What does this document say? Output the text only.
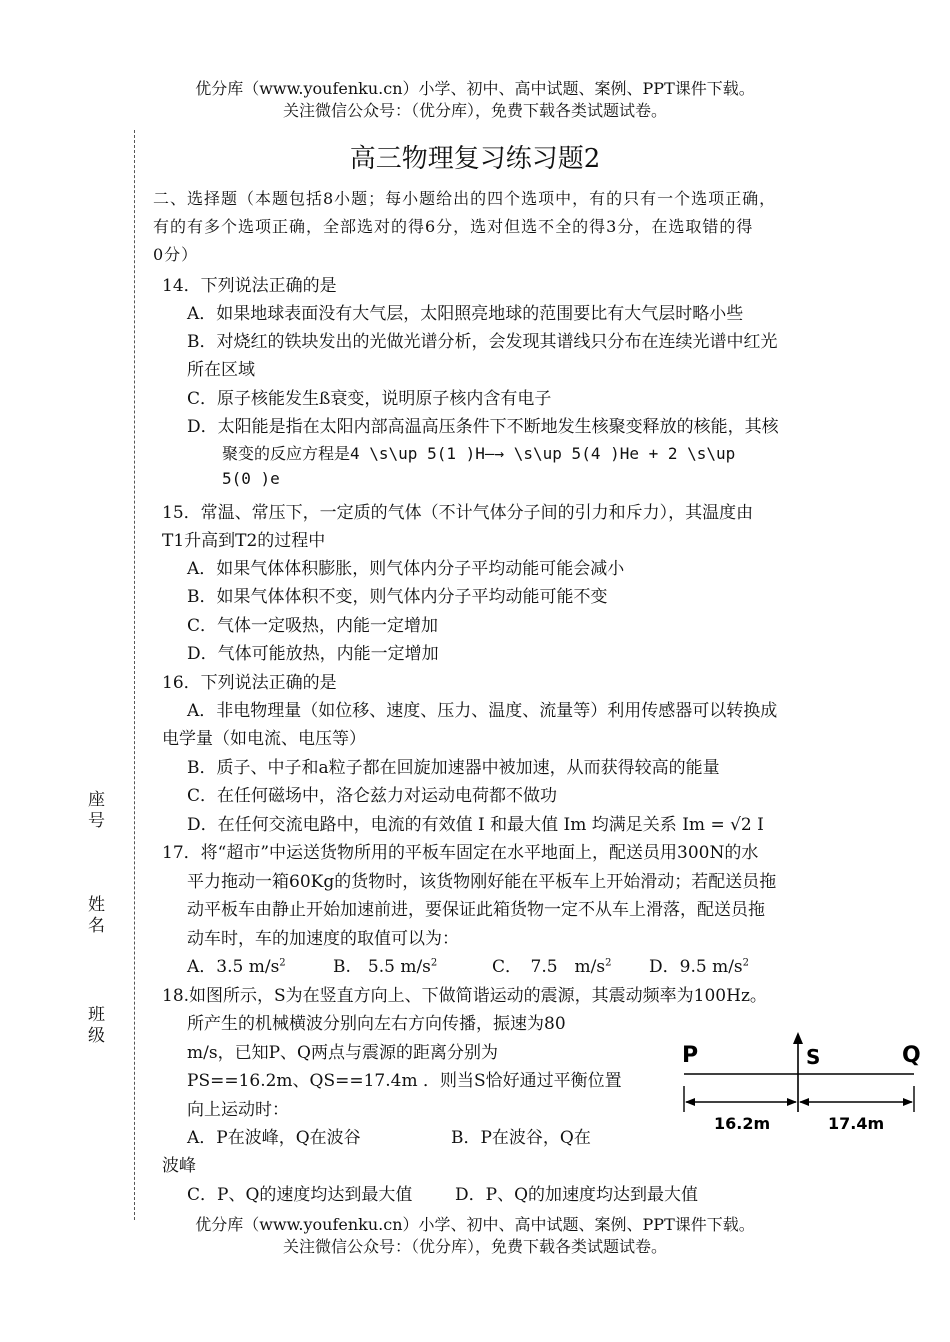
优分库（www.youfenku.cn）小学、初中、高中试题、案例、PPT课件下载。
关注微信公众号：（优分库），免费下载各类试题试卷。
座号
姓名
班级
高三物理复习练习题2
二、选择题（本题包括8小题；每小题给出的四个选项中，有的只有一个选项正确，
有的有多个选项正确，全部选对的得6分，选对但选不全的得3分，在选取错的得
0分）
14．下列说法正确的是
A．如果地球表面没有大气层，太阳照亮地球的范围要比有大气层时略小些
B．对烧红的铁块发出的光做光谱分析，会发现其谱线只分布在连续光谱中红光
所在区域
C．原子核能发生ß衰变，说明原子核内含有电子
D．太阳能是指在太阳内部高温高压条件下不断地发生核聚变释放的核能，其核
聚变的反应方程是4 \s\up 5(1 )H—→ \s\up 5(4 )He + 2 \s\up
5(0 )e
15．常温、常压下，一定质的气体（不计气体分子间的引力和斥力），其温度由
T1升高到T2的过程中
A．如果气体体积膨胀，则气体内分子平均动能可能会减小
B．如果气体体积不变，则气体内分子平均动能可能不变
C．气体一定吸热，内能一定增加
D．气体可能放热，内能一定增加
16．下列说法正确的是
A．非电物理量（如位移、速度、压力、温度、流量等）利用传感器可以转换成
电学量（如电流、电压等）
B．质子、中子和a粒子都在回旋加速器中被加速，从而获得较高的能量
C．在任何磁场中，洛仑兹力对运动电荷都不做功
D．在任何交流电路中，电流的有效值 I 和最大值 Im 均满足关系 Im = √2 I
17．将“超市”中运送货物所用的平板车固定在水平地面上，配送员用300N的水
平力拖动一箱60Kg的货物时，该货物刚好能在平板车上开始滑动；若配送员拖
动平板车由静止开始加速前进，要保证此箱货物一定不从车上滑落，配送员拖
动车时，车的加速度的取值可以为：
A．3.5 $m/s^2$	B.　5.5 $m/s^2$	C．　7.5　$m/s^2$ D．9.5 $m/s^2$
18.如图所示，S为在竖直方向上、下做简谐运动的震源，其震动频率为100Hz。
所产生的机械横波分别向左右方向传播，振速为80
m/s，已知P、Q两点与震源的距离分别为
PS==16.2m、QS==17.4m ．则当S恰好通过平衡位置
向上运动时：
A．P在波峰，Q在波谷	B．P在波谷，Q在
波峰
C．P、Q的速度均达到最大值	D．P、Q的加速度均达到最大值
P	S	Q
16.2m	17.4m
优分库（www.youfenku.cn）小学、初中、高中试题、案例、PPT课件下载。
关注微信公众号：（优分库），免费下载各类试题试卷。
